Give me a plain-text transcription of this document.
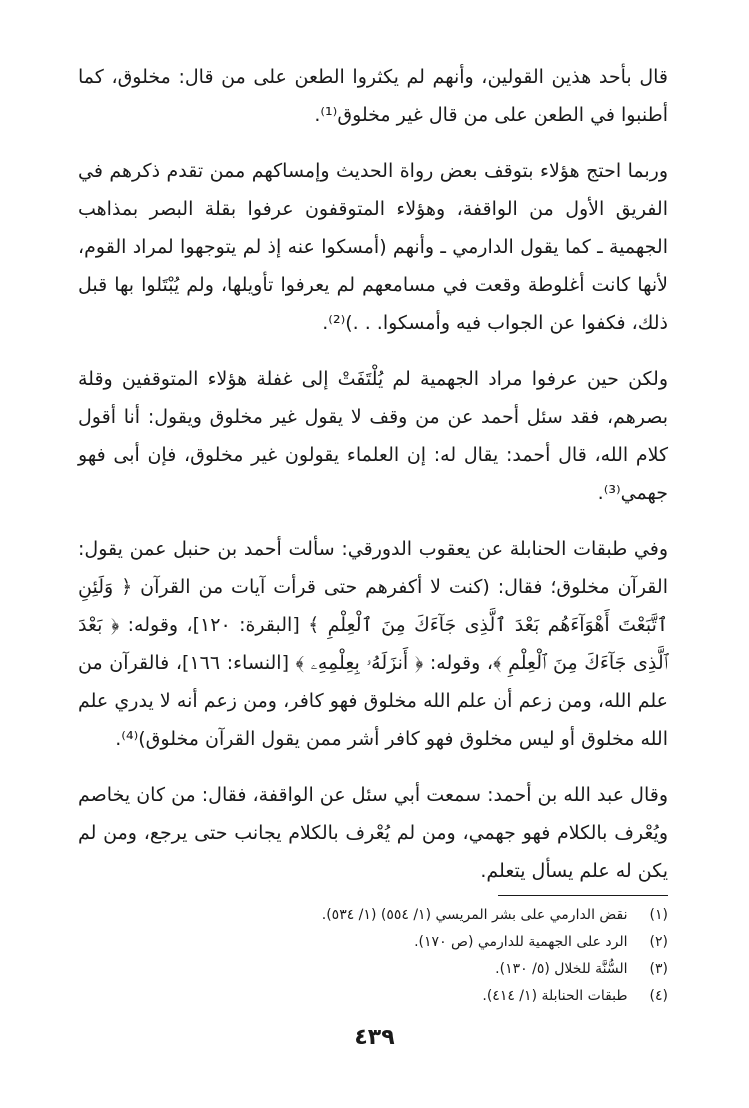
قال بأحد هذين القولين، وأنهم لم يكثروا الطعن على من قال: مخلوق، كما أطنبوا في الطعن على من قال غير مخلوق⁽¹⁾.

وربما احتج هؤلاء بتوقف بعض رواة الحديث وإمساكهم ممن تقدم ذكرهم في الفريق الأول من الواقفة، وهؤلاء المتوقفون عرفوا بقلة البصر بمذاهب الجهمية ـ كما يقول الدارمي ـ وأنهم (أمسكوا عنه إذ لم يتوجهوا لمراد القوم، لأنها كانت أغلوطة وقعت في مسامعهم لم يعرفوا تأويلها، ولم يُبْتَلوا بها قبل ذلك، فكفوا عن الجواب فيه وأمسكوا. . .)⁽²⁾.

ولكن حين عرفوا مراد الجهمية لم يُلْتَفَتْ إلى غفلة هؤلاء المتوقفين وقلة بصرهم، فقد سئل أحمد عن من وقف لا يقول غير مخلوق ويقول: أنا أقول كلام الله، قال أحمد: يقال له: إن العلماء يقولون غير مخلوق، فإن أبى فهو جهمي⁽³⁾.

وفي طبقات الحنابلة عن يعقوب الدورقي: سألت أحمد بن حنبل عمن يقول: القرآن مخلوق؛ فقال: (كنت لا أكفرهم حتى قرأت آيات من القرآن ﴿ وَلَئِنِ ٱتَّبَعْتَ أَهْوَآءَهُم بَعْدَ ٱلَّذِى جَآءَكَ مِنَ ٱلْعِلْمِ ﴾ [البقرة: ١٢٠]، وقوله: ﴿ بَعْدَ ٱلَّذِى جَآءَكَ مِنَ ٱلْعِلْمِ ﴾، وقوله: ﴿ أَنزَلَهُۥ بِعِلْمِهِۦ ﴾ [النساء: ١٦٦]، فالقرآن من علم الله، ومن زعم أن علم الله مخلوق فهو كافر، ومن زعم أنه لا يدري علم الله مخلوق أو ليس مخلوق فهو كافر أشر ممن يقول القرآن مخلوق)⁽⁴⁾.

وقال عبد الله بن أحمد: سمعت أبي سئل عن الواقفة، فقال: من كان يخاصم ويُعْرف بالكلام فهو جهمي، ومن لم يُعْرف بالكلام يجانب حتى يرجع، ومن لم يكن له علم يسأل يتعلم.

(١) نقض الدارمي على بشر المريسي (١/ ٥٥٤) (١/ ٥٣٤).
(٢) الرد على الجهمية للدارمي (ص ١٧٠).
(٣) السُّنَّة للخلال (٥/ ١٣٠).
(٤) طبقات الحنابلة (١/ ٤١٤).
٤٣٩
